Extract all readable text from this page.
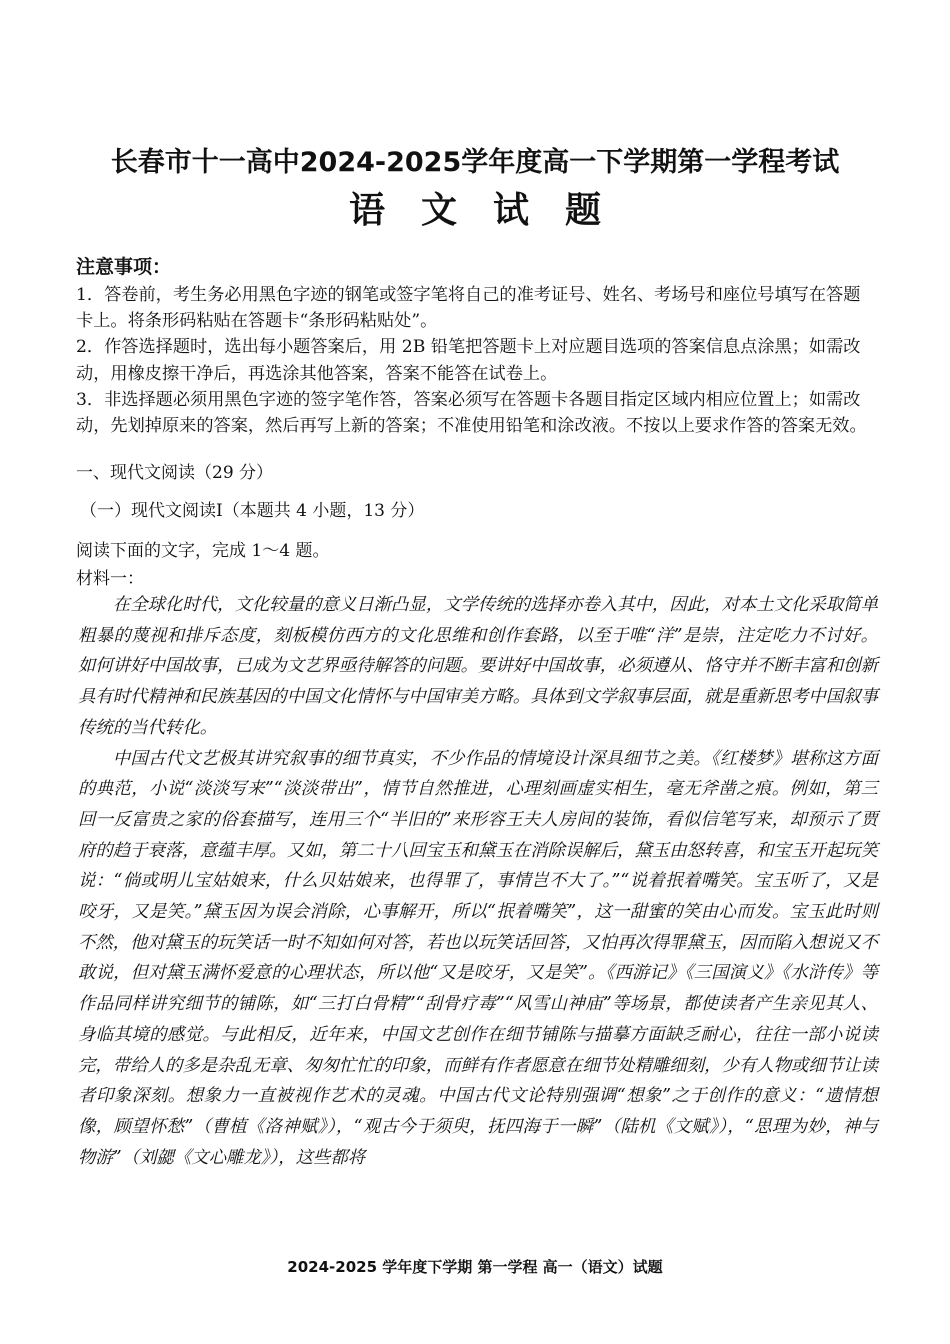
长春市十一高中2024-2025学年度高一下学期第一学程考试
语文试题
注意事项：

1．答卷前，考生务必用黑色字迹的钢笔或签字笔将自己的准考证号、姓名、考场号和座位号填写在答题卡上。将条形码粘贴在答题卡“条形码粘贴处”。

2．作答选择题时，选出每小题答案后，用 2B 铅笔把答题卡上对应题目选项的答案信息点涂黑；如需改动，用橡皮擦干净后，再选涂其他答案，答案不能答在试卷上。

3．非选择题必须用黑色字迹的签字笔作答，答案必须写在答题卡各题目指定区域内相应位置上；如需改动，先划掉原来的答案，然后再写上新的答案；不准使用铅笔和涂改液。不按以上要求作答的答案无效。

一、现代文阅读（29 分）
（一）现代文阅读Ⅰ（本题共 4 小题，13 分）
阅读下面的文字，完成 1～4 题。
材料一：

在全球化时代，文化较量的意义日渐凸显，文学传统的选择亦卷入其中，因此，对本土文化采取简单粗暴的蔑视和排斥态度，刻板模仿西方的文化思维和创作套路，以至于唯“洋”是崇，注定吃力不讨好。如何讲好中国故事，已成为文艺界亟待解答的问题。要讲好中国故事，必须遵从、恪守并不断丰富和创新具有时代精神和民族基因的中国文化情怀与中国审美方略。具体到文学叙事层面，就是重新思考中国叙事传统的当代转化。

中国古代文艺极其讲究叙事的细节真实，不少作品的情境设计深具细节之美。《红楼梦》堪称这方面的典范，小说“淡淡写来”“淡淡带出”，情节自然推进，心理刻画虚实相生，毫无斧凿之痕。例如，第三回一反富贵之家的俗套描写，连用三个“半旧的”来形容王夫人房间的装饰，看似信笔写来，却预示了贾府的趋于衰落，意蕴丰厚。又如，第二十八回宝玉和黛玉在消除误解后，黛玉由怒转喜，和宝玉开起玩笑说：“倘或明儿宝姑娘来，什么贝姑娘来，也得罪了，事情岂不大了。”“说着抿着嘴笑。宝玉听了，又是咬牙，又是笑。”黛玉因为误会消除，心事解开，所以“抿着嘴笑”，这一甜蜜的笑由心而发。宝玉此时则不然，他对黛玉的玩笑话一时不知如何对答，若也以玩笑话回答，又怕再次得罪黛玉，因而陷入想说又不敢说，但对黛玉满怀爱意的心理状态，所以他“又是咬牙，又是笑”。《西游记》《三国演义》《水浒传》等作品同样讲究细节的铺陈，如“三打白骨精”“刮骨疗毒”“风雪山神庙”等场景，都使读者产生亲见其人、身临其境的感觉。与此相反，近年来，中国文艺创作在细节铺陈与描摹方面缺乏耐心，往往一部小说读完，带给人的多是杂乱无章、匆匆忙忙的印象，而鲜有作者愿意在细节处精雕细刻，少有人物或细节让读者印象深刻。想象力一直被视作艺术的灵魂。中国古代文论特别强调“想象”之于创作的意义：“遗情想像，顾望怀愁”（曹植《洛神赋》），“观古今于须臾，抚四海于一瞬”（陆机《文赋》），“思理为妙，神与物游”（刘勰《文心雕龙》），这些都将

2024-2025 学年度下学期 第一学程 高一（语文）试题
